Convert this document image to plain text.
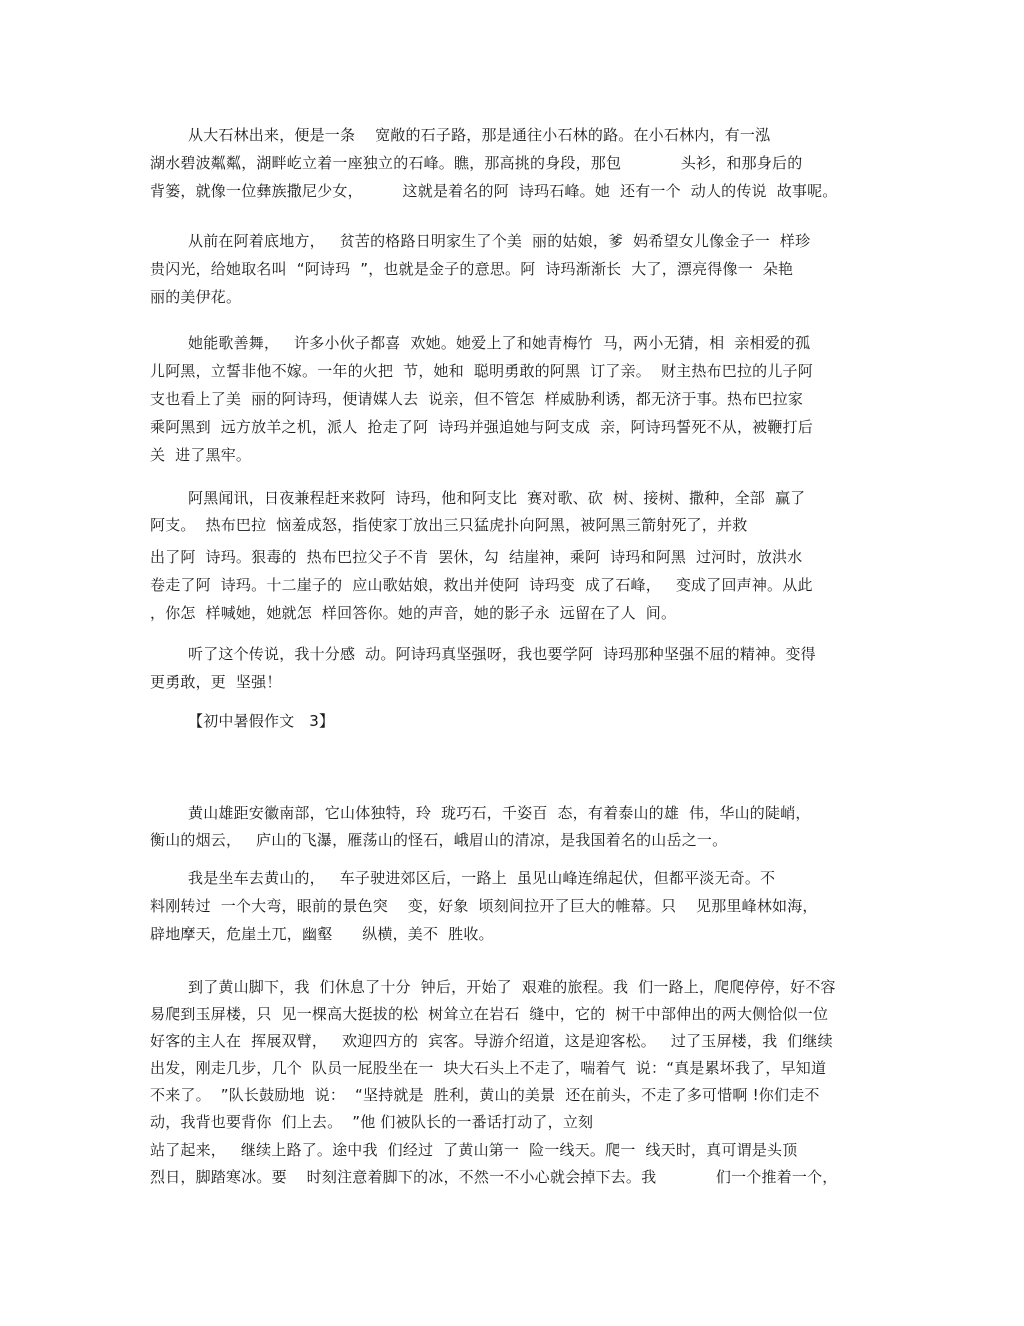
从大石林出来，便是一条    宽敞的石子路，那是通往小石林的路。在小石林内，有一泓
湖水碧波粼粼，湖畔屹立着一座独立的石峰。瞧，那高挑的身段，那包            头衫，和那身后的
背篓，就像一位彝族撒尼少女，        这就是着名的阿  诗玛石峰。她  还有一个  动人的传说  故事呢。
从前在阿着底地方，   贫苦的格路日明家生了个美  丽的姑娘，爹  妈希望女儿像金子一  样珍
贵闪光，给她取名叫  “阿诗玛  ”，也就是金子的意思。阿  诗玛渐渐长  大了，漂亮得像一  朵艳
丽的美伊花。
她能歌善舞，   许多小伙子都喜  欢她。她爱上了和她青梅竹  马，两小无猜，相  亲相爱的孤
儿阿黑，立誓非他不嫁。一年的火把  节，她和  聪明勇敢的阿黑  订了亲。  财主热布巴拉的儿子阿
支也看上了美  丽的阿诗玛，便请媒人去  说亲，但不管怎  样威胁利诱，都无济于事。热布巴拉家
乘阿黑到  远方放羊之机，派人  抢走了阿  诗玛并强追她与阿支成  亲，阿诗玛誓死不从，被鞭打后
关  进了黑牢。
阿黑闻讯，日夜兼程赶来救阿  诗玛，他和阿支比  赛对歌、砍  树、接树、撒种，全部  赢了
阿支。  热布巴拉  恼羞成怒，指使家丁放出三只猛虎扑向阿黑，被阿黑三箭射死了，并救
出了阿  诗玛。狠毒的  热布巴拉父子不肯  罢休，勾  结崖神，乘阿  诗玛和阿黑  过河时，放洪水
卷走了阿  诗玛。十二崖子的  应山歌姑娘，救出并使阿  诗玛变  成了石峰，   变成了回声神。从此
，你怎  样喊她，她就怎  样回答你。她的声音，她的影子永  远留在了人  间。
听了这个传说，我十分感  动。阿诗玛真坚强呀，我也要学阿  诗玛那种坚强不屈的精神。变得
更勇敢，更  坚强！
【初中暑假作文   3】
黄山雄距安徽南部，它山体独特，玲  珑巧石，千姿百  态，有着泰山的雄  伟，华山的陡峭，
衡山的烟云，   庐山的飞瀑，雁荡山的怪石，峨眉山的清凉，是我国着名的山岳之一。
我是坐车去黄山的，   车子驶进郊区后，一路上  虽见山峰连绵起伏，但都平淡无奇。不
料刚转过  一个大弯，眼前的景色突    变，好象  顷刻间拉开了巨大的帷幕。只    见那里峰林如海，
辟地摩天，危崖土兀，幽壑      纵横，美不  胜收。
到了黄山脚下，我  们休息了十分  钟后，开始了  艰难的旅程。我  们一路上，爬爬停停，好不容
易爬到玉屏楼，只  见一棵高大挺拔的松  树耸立在岩石  缝中，它的  树干中部伸出的两大侧恰似一位
好客的主人在  挥展双臂，   欢迎四方的  宾客。导游介绍道，这是迎客松。   过了玉屏楼，我  们继续
出发，刚走几步，几个  队员一屁股坐在一  块大石头上不走了，喘着气  说：“真是累坏我了，早知道
不来了。  ”队长鼓励地  说：  “坚持就是  胜利，黄山的美景  还在前头，不走了多可惜啊 !你们走不
动，我背也要背你  们上去。  ”他 们被队长的一番话打动了，立刻
站了起来，   继续上路了。途中我  们经过  了黄山第一  险一线天。爬一  线天时，真可谓是头顶
烈日，脚踏寒冰。要    时刻注意着脚下的冰，不然一不小心就会掉下去。我            们一个推着一个，
